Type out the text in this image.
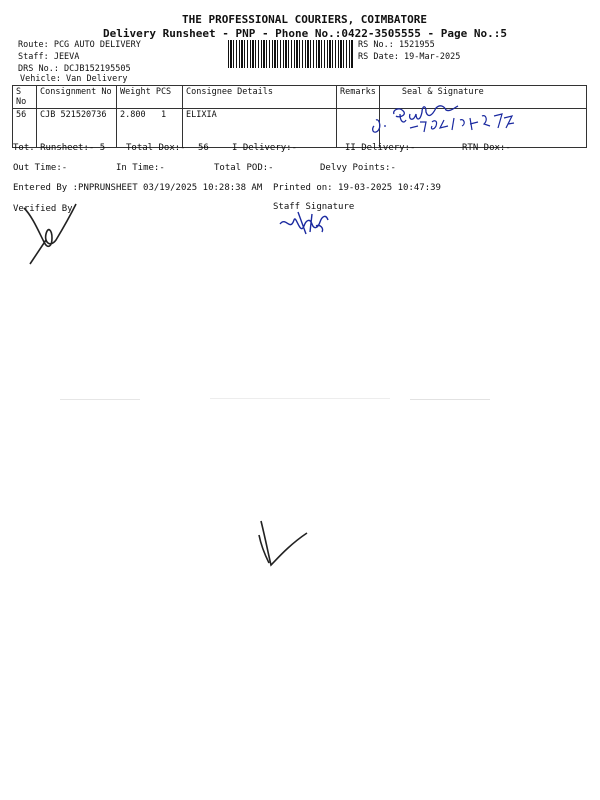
THE PROFESSIONAL COURIERS, COIMBATORE
Delivery Runsheet - PNP - Phone No.:0422-3505555 - Page No.:5
Route: PCG AUTO DELIVERY
Staff: JEEVA
DRS No.: DCJB152195505
Vehicle: Van Delivery
RS No.: 1521955
RS Date: 19-Mar-2025
S No	Consignment No	Weight PCS	Consignee Details	Remarks	Seal & Signature
56	CJB 521520736	2.800 1	ELIXIA		
Tot. Runsheet:- 5 Total Dox:- 56	I Delivery:-	II Delivery:-	RTN Dox:-
Out Time:-	In Time:-	Total POD:-	Delvy Points:-
Entered By :PNPRUNSHEET 03/19/2025 10:28:38 AM Printed on: 19-03-2025 10:47:39
Verified By	Staff Signature
